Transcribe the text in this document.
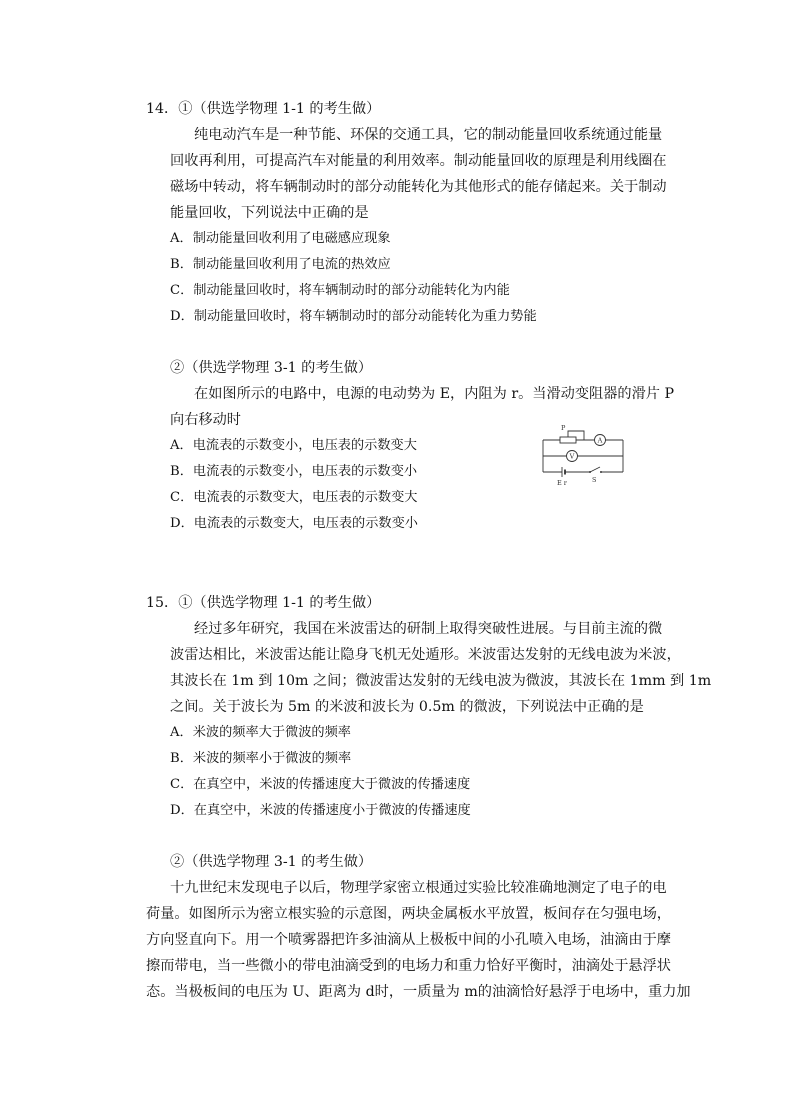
14．①（供选学物理 1-1 的考生做）
纯电动汽车是一种节能、环保的交通工具，它的制动能量回收系统通过能量
回收再利用，可提高汽车对能量的利用效率。制动能量回收的原理是利用线圈在
磁场中转动，将车辆制动时的部分动能转化为其他形式的能存储起来。关于制动
能量回收，下列说法中正确的是
A．制动能量回收利用了电磁感应现象
B．制动能量回收利用了电流的热效应
C．制动能量回收时，将车辆制动时的部分动能转化为内能
D．制动能量回收时，将车辆制动时的部分动能转化为重力势能
②（供选学物理 3-1 的考生做）
在如图所示的电路中，电源的电动势为 E，内阻为 r。当滑动变阻器的滑片 P
向右移动时
A．电流表的示数变小，电压表的示数变大
B．电流表的示数变小，电压表的示数变小
C．电流表的示数变大，电压表的示数变大
D．电流表的示数变大，电压表的示数变小
P
A
V
E r	S
15．①（供选学物理 1-1 的考生做）
经过多年研究，我国在米波雷达的研制上取得突破性进展。与目前主流的微
波雷达相比，米波雷达能让隐身飞机无处遁形。米波雷达发射的无线电波为米波，
其波长在 1m 到 10m 之间；微波雷达发射的无线电波为微波，其波长在 1mm 到 1m
之间。关于波长为 5m 的米波和波长为 0.5m 的微波，下列说法中正确的是
A．米波的频率大于微波的频率
B．米波的频率小于微波的频率
C．在真空中，米波的传播速度大于微波的传播速度
D．在真空中，米波的传播速度小于微波的传播速度
②（供选学物理 3-1 的考生做）
十九世纪末发现电子以后，物理学家密立根通过实验比较准确地测定了电子的电
荷量。如图所示为密立根实验的示意图，两块金属板水平放置，板间存在匀强电场，
方向竖直向下。用一个喷雾器把许多油滴从上极板中间的小孔喷入电场，油滴由于摩
擦而带电，当一些微小的带电油滴受到的电场力和重力恰好平衡时，油滴处于悬浮状
态。当极板间的电压为 U、距离为 d时，一质量为 m的油滴恰好悬浮于电场中，重力加
